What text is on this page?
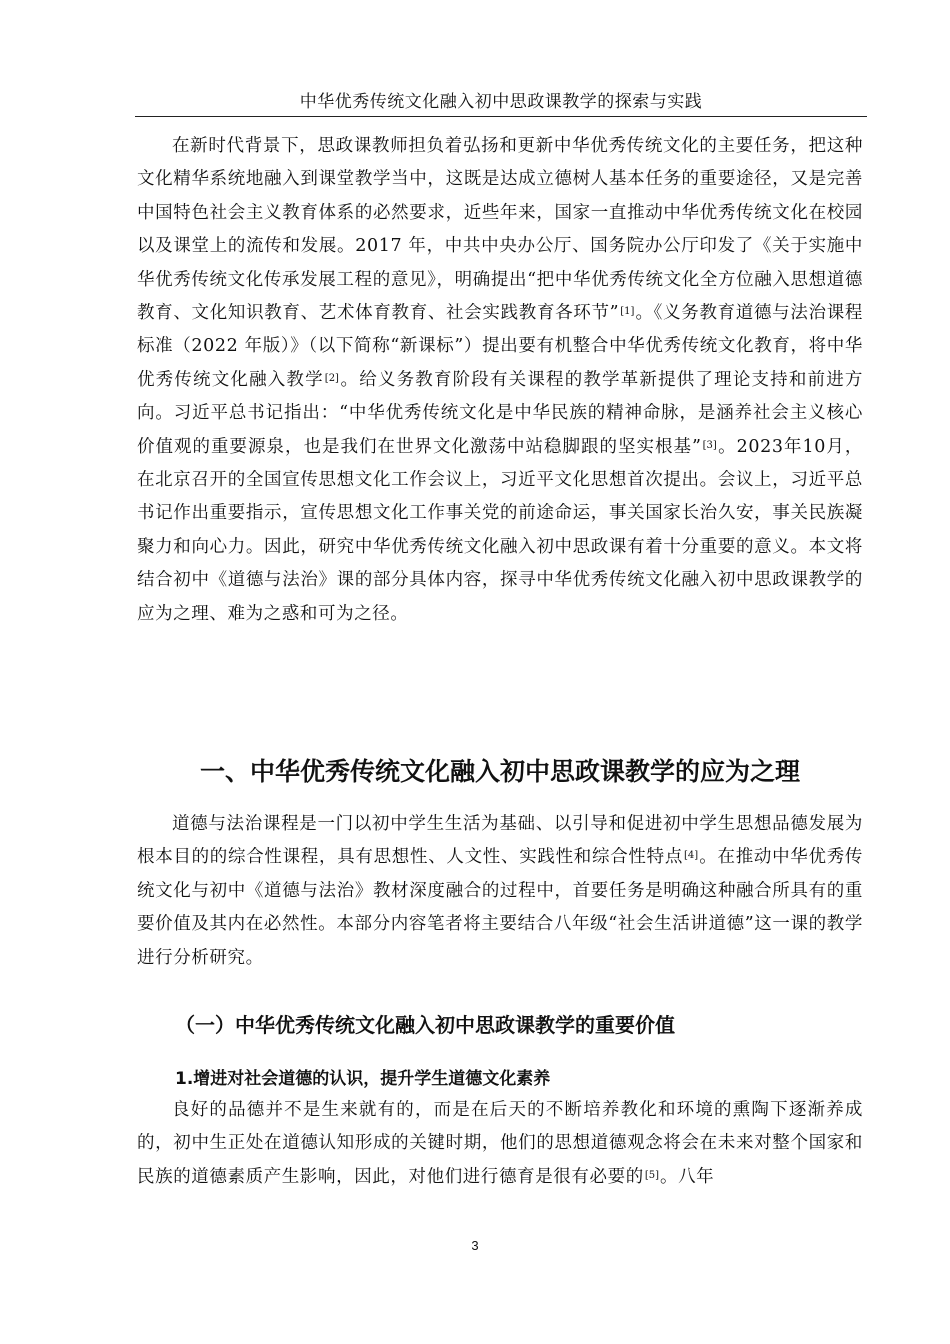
中华优秀传统文化融入初中思政课教学的探索与实践

在新时代背景下，思政课教师担负着弘扬和更新中华优秀传统文化的主要任务，把这种文化精华系统地融入到课堂教学当中，这既是达成立德树人基本任务的重要途径，又是完善中国特色社会主义教育体系的必然要求，近些年来，国家一直推动中华优秀传统文化在校园以及课堂上的流传和发展。2017 年，中共中央办公厅、国务院办公厅印发了《关于实施中华优秀传统文化传承发展工程的意见》，明确提出“把中华优秀传统文化全方位融入思想道德教育、文化知识教育、艺术体育教育、社会实践教育各环节”[1]。《义务教育道德与法治课程标准（2022 年版）》（以下简称“新课标”）提出要有机整合中华优秀传统文化教育，将中华优秀传统文化融入教学[2]。给义务教育阶段有关课程的教学革新提供了理论支持和前进方向。习近平总书记指出：“中华优秀传统文化是中华民族的精神命脉，是涵养社会主义核心价值观的重要源泉，也是我们在世界文化激荡中站稳脚跟的坚实根基”[3]。2023年10月，在北京召开的全国宣传思想文化工作会议上，习近平文化思想首次提出。会议上，习近平总书记作出重要指示，宣传思想文化工作事关党的前途命运，事关国家长治久安，事关民族凝聚力和向心力。因此，研究中华优秀传统文化融入初中思政课有着十分重要的意义。本文将结合初中《道德与法治》课的部分具体内容，探寻中华优秀传统文化融入初中思政课教学的应为之理、难为之惑和可为之径。

一、中华优秀传统文化融入初中思政课教学的应为之理

道德与法治课程是一门以初中学生生活为基础、以引导和促进初中学生思想品德发展为根本目的的综合性课程，具有思想性、人文性、实践性和综合性特点[4]。在推动中华优秀传统文化与初中《道德与法治》教材深度融合的过程中，首要任务是明确这种融合所具有的重要价值及其内在必然性。本部分内容笔者将主要结合八年级“社会生活讲道德”这一课的教学进行分析研究。

（一）中华优秀传统文化融入初中思政课教学的重要价值
1.增进对社会道德的认识，提升学生道德文化素养

良好的品德并不是生来就有的，而是在后天的不断培养教化和环境的熏陶下逐渐养成的，初中生正处在道德认知形成的关键时期，他们的思想道德观念将会在未来对整个国家和民族的道德素质产生影响，因此，对他们进行德育是很有必要的[5]。八年

3
